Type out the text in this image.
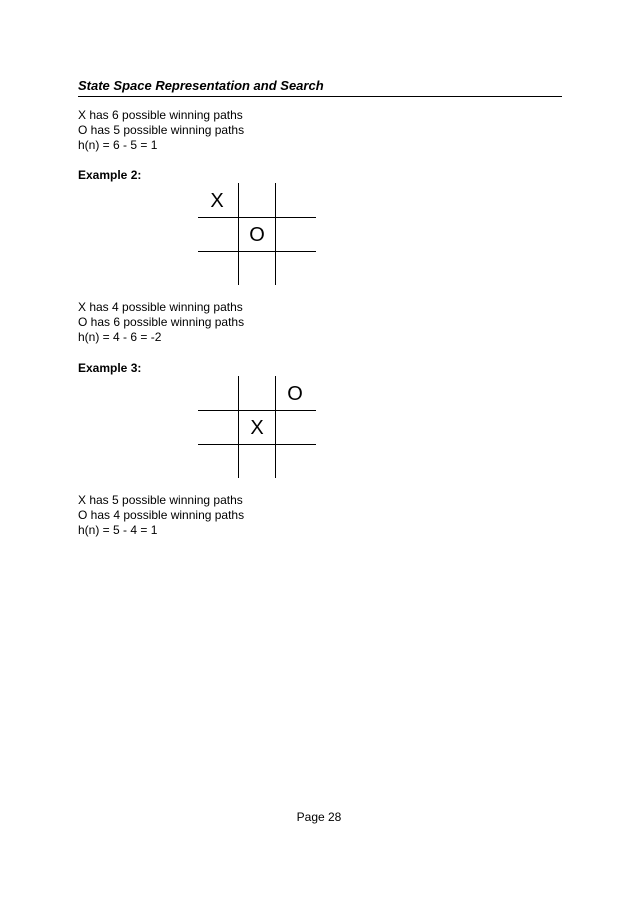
State Space Representation and Search
X has 6 possible winning paths
O has 5 possible winning paths
h(n) = 6 - 5 = 1
Example 2:
X
O
X has 4 possible winning paths
O has 6 possible winning paths
h(n) = 4 - 6 = -2
Example 3:
O
X
X has 5 possible winning paths
O has 4 possible winning paths
h(n) = 5 - 4 = 1
Page 28
